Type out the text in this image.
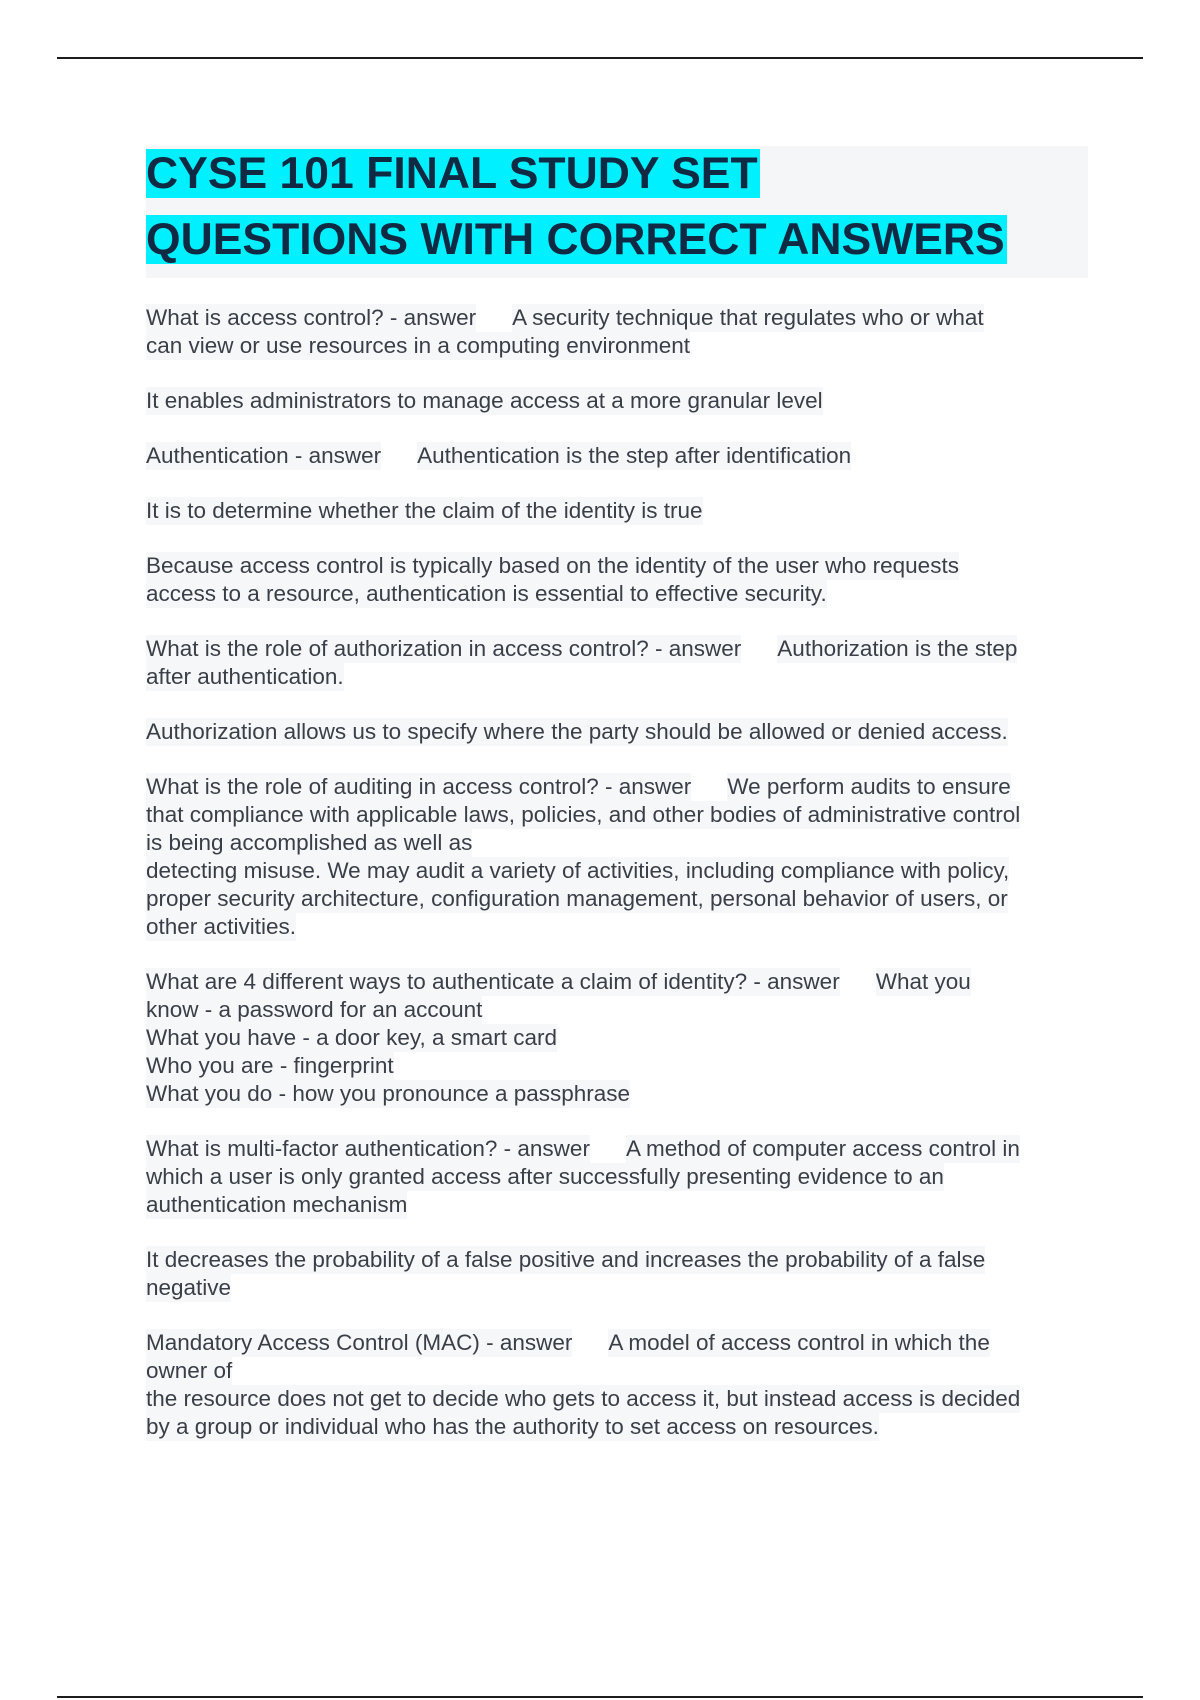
CYSE 101 FINAL STUDY SET
QUESTIONS WITH CORRECT ANSWERS
What is access control? - answer A security technique that regulates who or what
can view or use resources in a computing environment
It enables administrators to manage access at a more granular level
Authentication - answer Authentication is the step after identification
It is to determine whether the claim of the identity is true
Because access control is typically based on the identity of the user who requests
access to a resource, authentication is essential to effective security.
What is the role of authorization in access control? - answer Authorization is the step
after authentication.
Authorization allows us to specify where the party should be allowed or denied access.
What is the role of auditing in access control? - answer We perform audits to ensure
that compliance with applicable laws, policies, and other bodies of administrative control
is being accomplished as well as
detecting misuse. We may audit a variety of activities, including compliance with policy,
proper security architecture, configuration management, personal behavior of users, or
other activities.
What are 4 different ways to authenticate a claim of identity? - answer What you
know - a password for an account
What you have - a door key, a smart card
Who you are - fingerprint
What you do - how you pronounce a passphrase
What is multi-factor authentication? - answer A method of computer access control in
which a user is only granted access after successfully presenting evidence to an
authentication mechanism
It decreases the probability of a false positive and increases the probability of a false
negative
Mandatory Access Control (MAC) - answer A model of access control in which the
owner of
the resource does not get to decide who gets to access it, but instead access is decided
by a group or individual who has the authority to set access on resources.
